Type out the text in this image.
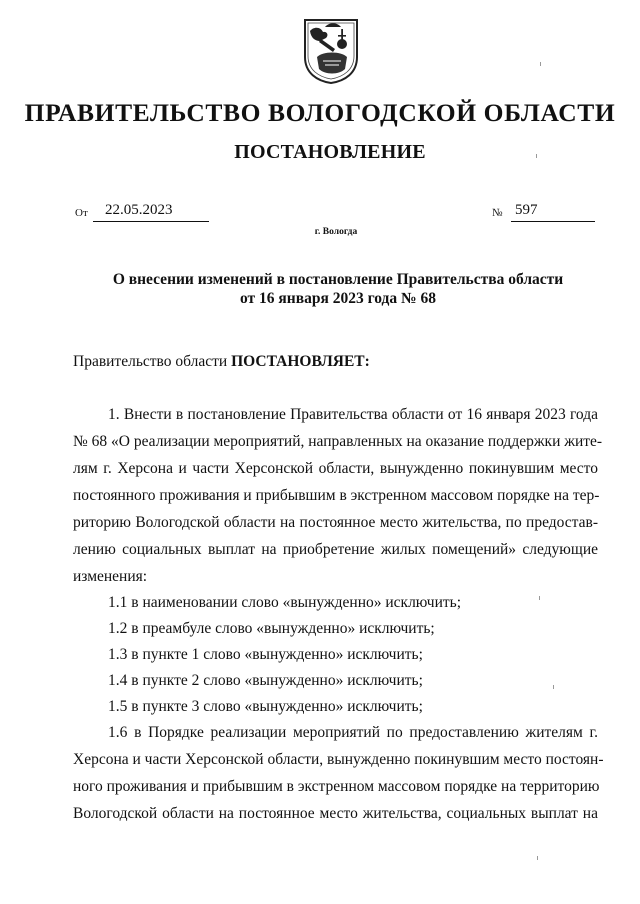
ПРАВИТЕЛЬСТВО ВОЛОГОДСКОЙ ОБЛАСТИ
ПОСТАНОВЛЕНИЕ
От	22.05.2023	№ 597
г. Вологда
О внесении изменений в постановление Правительства области
от 16 января 2023 года № 68
Правительство области ПОСТАНОВЛЯЕТ:
1. Внести в постановление Правительства области от 16 января 2023 года
№ 68 «О реализации мероприятий, направленных на оказание поддержки жите-
лям г. Херсона и части Херсонской области, вынужденно покинувшим место
постоянного проживания и прибывшим в экстренном массовом порядке на тер-
риторию Вологодской области на постоянное место жительства, по предостав-
лению социальных выплат на приобретение жилых помещений» следующие
изменения:
1.1 в наименовании слово «вынужденно» исключить;
1.2 в преамбуле слово «вынужденно» исключить;
1.3 в пункте 1 слово «вынужденно» исключить;
1.4 в пункте 2 слово «вынужденно» исключить;
1.5 в пункте 3 слово «вынужденно» исключить;
1.6 в Порядке реализации мероприятий по предоставлению жителям г.
Херсона и части Херсонской области, вынужденно покинувшим место постоян-
ного проживания и прибывшим в экстренном массовом порядке на территорию
Вологодской области на постоянное место жительства, социальных выплат на
